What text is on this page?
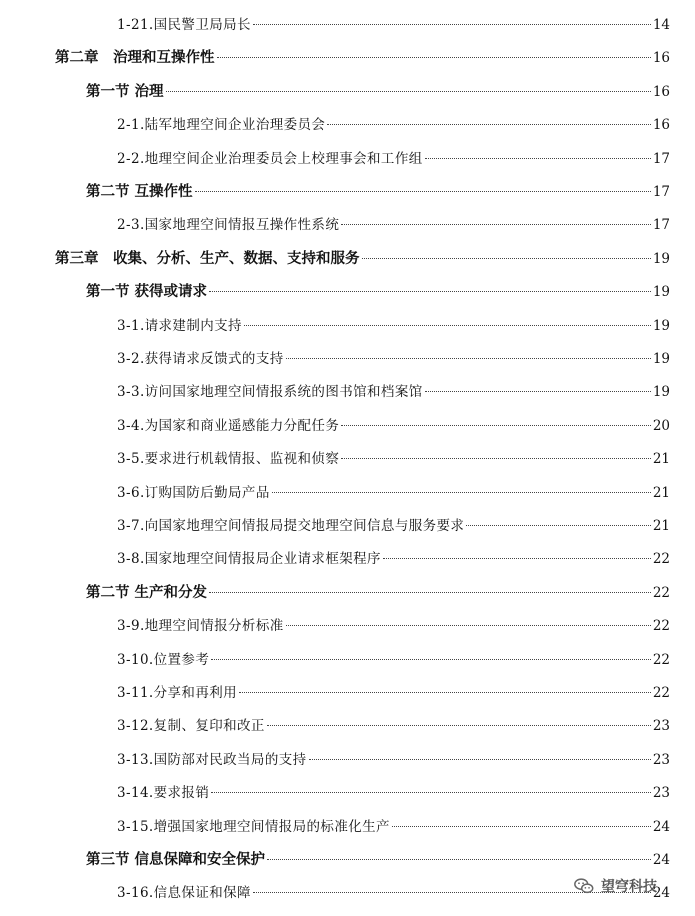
1-21.国民警卫局局长	14
第二章　治理和互操作性	16
第一节 治理	16
2-1.陆军地理空间企业治理委员会	16
2-2.地理空间企业治理委员会上校理事会和工作组	17
第二节 互操作性	17
2-3.国家地理空间情报互操作性系统	17
第三章　收集、分析、生产、数据、支持和服务	19
第一节 获得或请求	19
3-1.请求建制内支持	19
3-2.获得请求反馈式的支持	19
3-3.访问国家地理空间情报系统的图书馆和档案馆	19
3-4.为国家和商业遥感能力分配任务	20
3-5.要求进行机载情报、监视和侦察	21
3-6.订购国防后勤局产品	21
3-7.向国家地理空间情报局提交地理空间信息与服务要求	21
3-8.国家地理空间情报局企业请求框架程序	22
第二节 生产和分发	22
3-9.地理空间情报分析标准	22
3-10.位置参考	22
3-11.分享和再利用	22
3-12.复制、复印和改正	23
3-13.国防部对民政当局的支持	23
3-14.要求报销	23
3-15.增强国家地理空间情报局的标准化生产	24
第三节 信息保障和安全保护	24
3-16.信息保证和保障	24
望穹科技
